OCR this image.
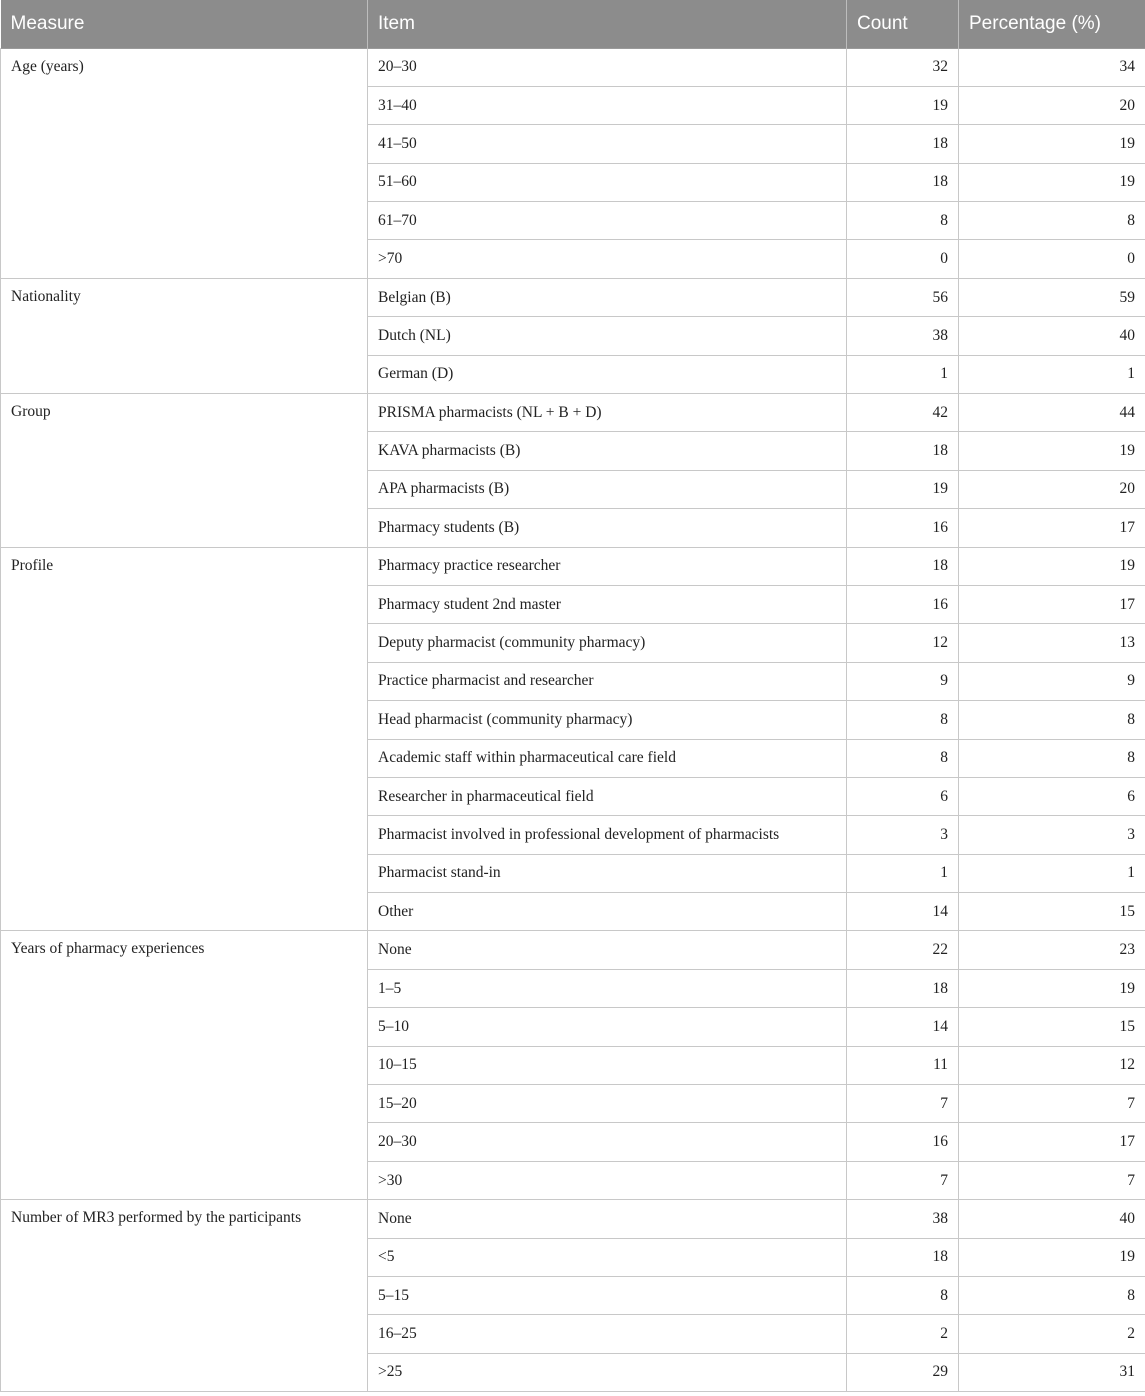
Measure	Item	Count	Percentage (%)
Age (years)	20–30	32	34
	31–40	19	20
	41–50	18	19
	51–60	18	19
	61–70	8	8
	>70	0	0
Nationality	Belgian (B)	56	59
	Dutch (NL)	38	40
	German (D)	1	1
Group	PRISMA pharmacists (NL + B + D)	42	44
	KAVA pharmacists (B)	18	19
	APA pharmacists (B)	19	20
	Pharmacy students (B)	16	17
Profile	Pharmacy practice researcher	18	19
	Pharmacy student 2nd master	16	17
	Deputy pharmacist (community pharmacy)	12	13
	Practice pharmacist and researcher	9	9
	Head pharmacist (community pharmacy)	8	8
	Academic staff within pharmaceutical care field	8	8
	Researcher in pharmaceutical field	6	6
	Pharmacist involved in professional development of pharmacists	3	3
	Pharmacist stand-in	1	1
	Other	14	15
Years of pharmacy experiences	None	22	23
	1–5	18	19
	5–10	14	15
	10–15	11	12
	15–20	7	7
	20–30	16	17
	>30	7	7
Number of MR3 performed by the participants	None	38	40
	<5	18	19
	5–15	8	8
	16–25	2	2
	>25	29	31
